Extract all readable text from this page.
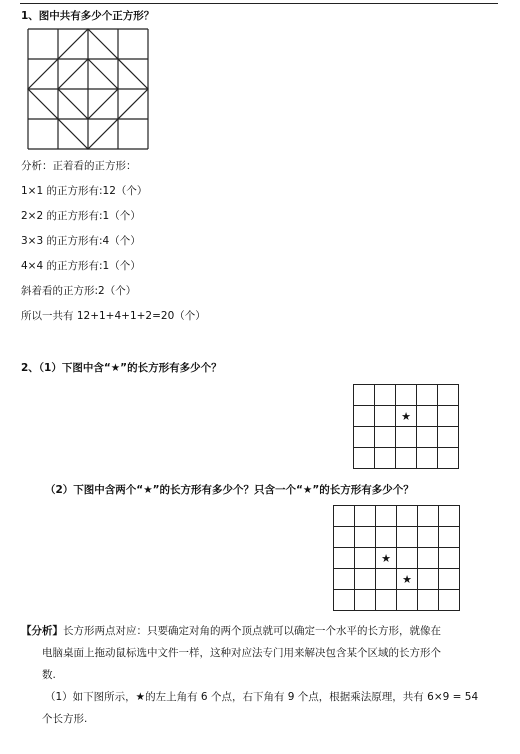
1、图中共有多少个正方形？
分析：正着看的正方形：
1×1 的正方形有:12（个）
2×2 的正方形有:1（个）
3×3 的正方形有:4（个）
4×4 的正方形有:1（个）
斜着看的正方形:2（个）
所以一共有 12+1+4+1+2=20（个）
2、（1）下图中含“★”的长方形有多少个？

		★		

（2）下图中含两个“★”的长方形有多少个？只含一个“★”的长方形有多少个？

		★			
			★		

【分析】长方形两点对应：只要确定对角的两个顶点就可以确定一个水平的长方形，就像在
电脑桌面上拖动鼠标选中文件一样，这种对应法专门用来解决包含某个区域的长方形个
数.
（1）如下图所示，★的左上角有 6 个点，右下角有 9 个点，根据乘法原理，共有 6×9 = 54
个长方形.
